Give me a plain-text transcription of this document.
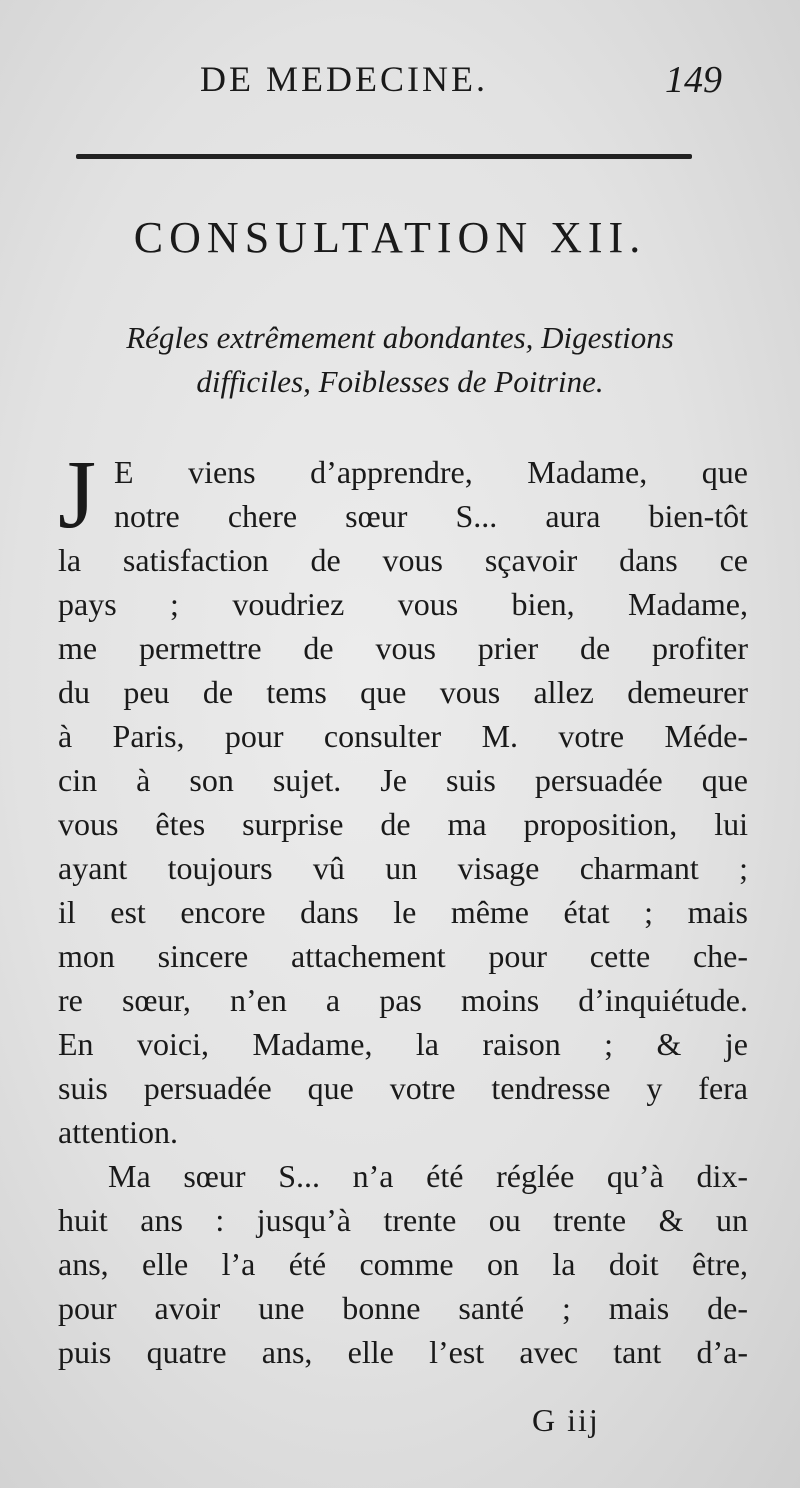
DE MEDECINE.	149
CONSULTATION XII.
Régles extrêmement abondantes, Digestions
difficiles, Foiblesses de Poitrine.
J E viens d’apprendre, Madame, que
notre chere sœur S... aura bien-tôt
la satisfaction de vous sçavoir dans ce
pays ; voudriez vous bien, Madame,
me permettre de vous prier de profiter
du peu de tems que vous allez demeurer
à Paris, pour consulter M. votre Méde-
cin à son sujet. Je suis persuadée que
vous êtes surprise de ma proposition, lui
ayant toujours vû un visage charmant ;
il est encore dans le même état ; mais
mon sincere attachement pour cette che-
re sœur, n’en a pas moins d’inquiétude.
En voici, Madame, la raison ; & je
suis persuadée que votre tendresse y fera
attention.
Ma sœur S... n’a été réglée qu’à dix-
huit ans : jusqu’à trente ou trente & un
ans, elle l’a été comme on la doit être,
pour avoir une bonne santé ; mais de-
puis quatre ans, elle l’est avec tant d’a-
G iij
